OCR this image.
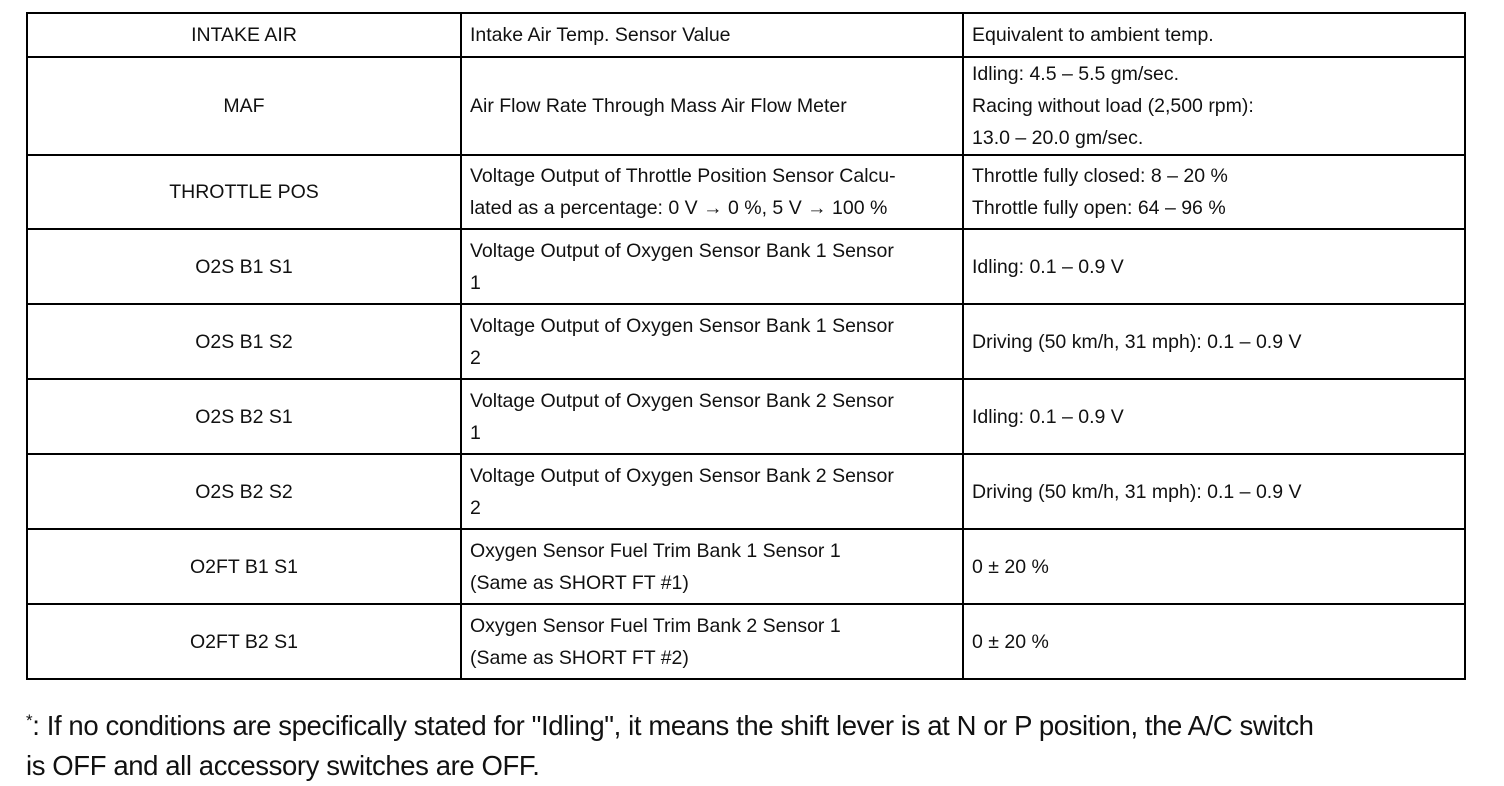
INTAKE AIR	Intake Air Temp. Sensor Value	Equivalent to ambient temp.

MAF	Air Flow Rate Through Mass Air Flow Meter	Idling: 4.5 – 5.5 gm/sec.
Racing without load (2,500 rpm):
13.0 – 20.0 gm/sec.

THROTTLE POS	Voltage Output of Throttle Position Sensor Calcu-
lated as a percentage: 0 V → 0 %, 5 V → 100 %	Throttle fully closed: 8 – 20 %
Throttle fully open: 64 – 96 %

O2S B1 S1	Voltage Output of Oxygen Sensor Bank 1 Sensor
1	Idling: 0.1 – 0.9 V

O2S B1 S2	Voltage Output of Oxygen Sensor Bank 1 Sensor
2	Driving (50 km/h, 31 mph): 0.1 – 0.9 V

O2S B2 S1	Voltage Output of Oxygen Sensor Bank 2 Sensor
1	Idling: 0.1 – 0.9 V

O2S B2 S2	Voltage Output of Oxygen Sensor Bank 2 Sensor
2	Driving (50 km/h, 31 mph): 0.1 – 0.9 V

O2FT B1 S1	Oxygen Sensor Fuel Trim Bank 1 Sensor 1
(Same as SHORT FT #1)	0 ± 20 %

O2FT B2 S1	Oxygen Sensor Fuel Trim Bank 2 Sensor 1
(Same as SHORT FT #2)	0 ± 20 %
*: If no conditions are specifically stated for "Idling", it means the shift lever is at N or P position, the A/C switch
is OFF and all accessory switches are OFF.
